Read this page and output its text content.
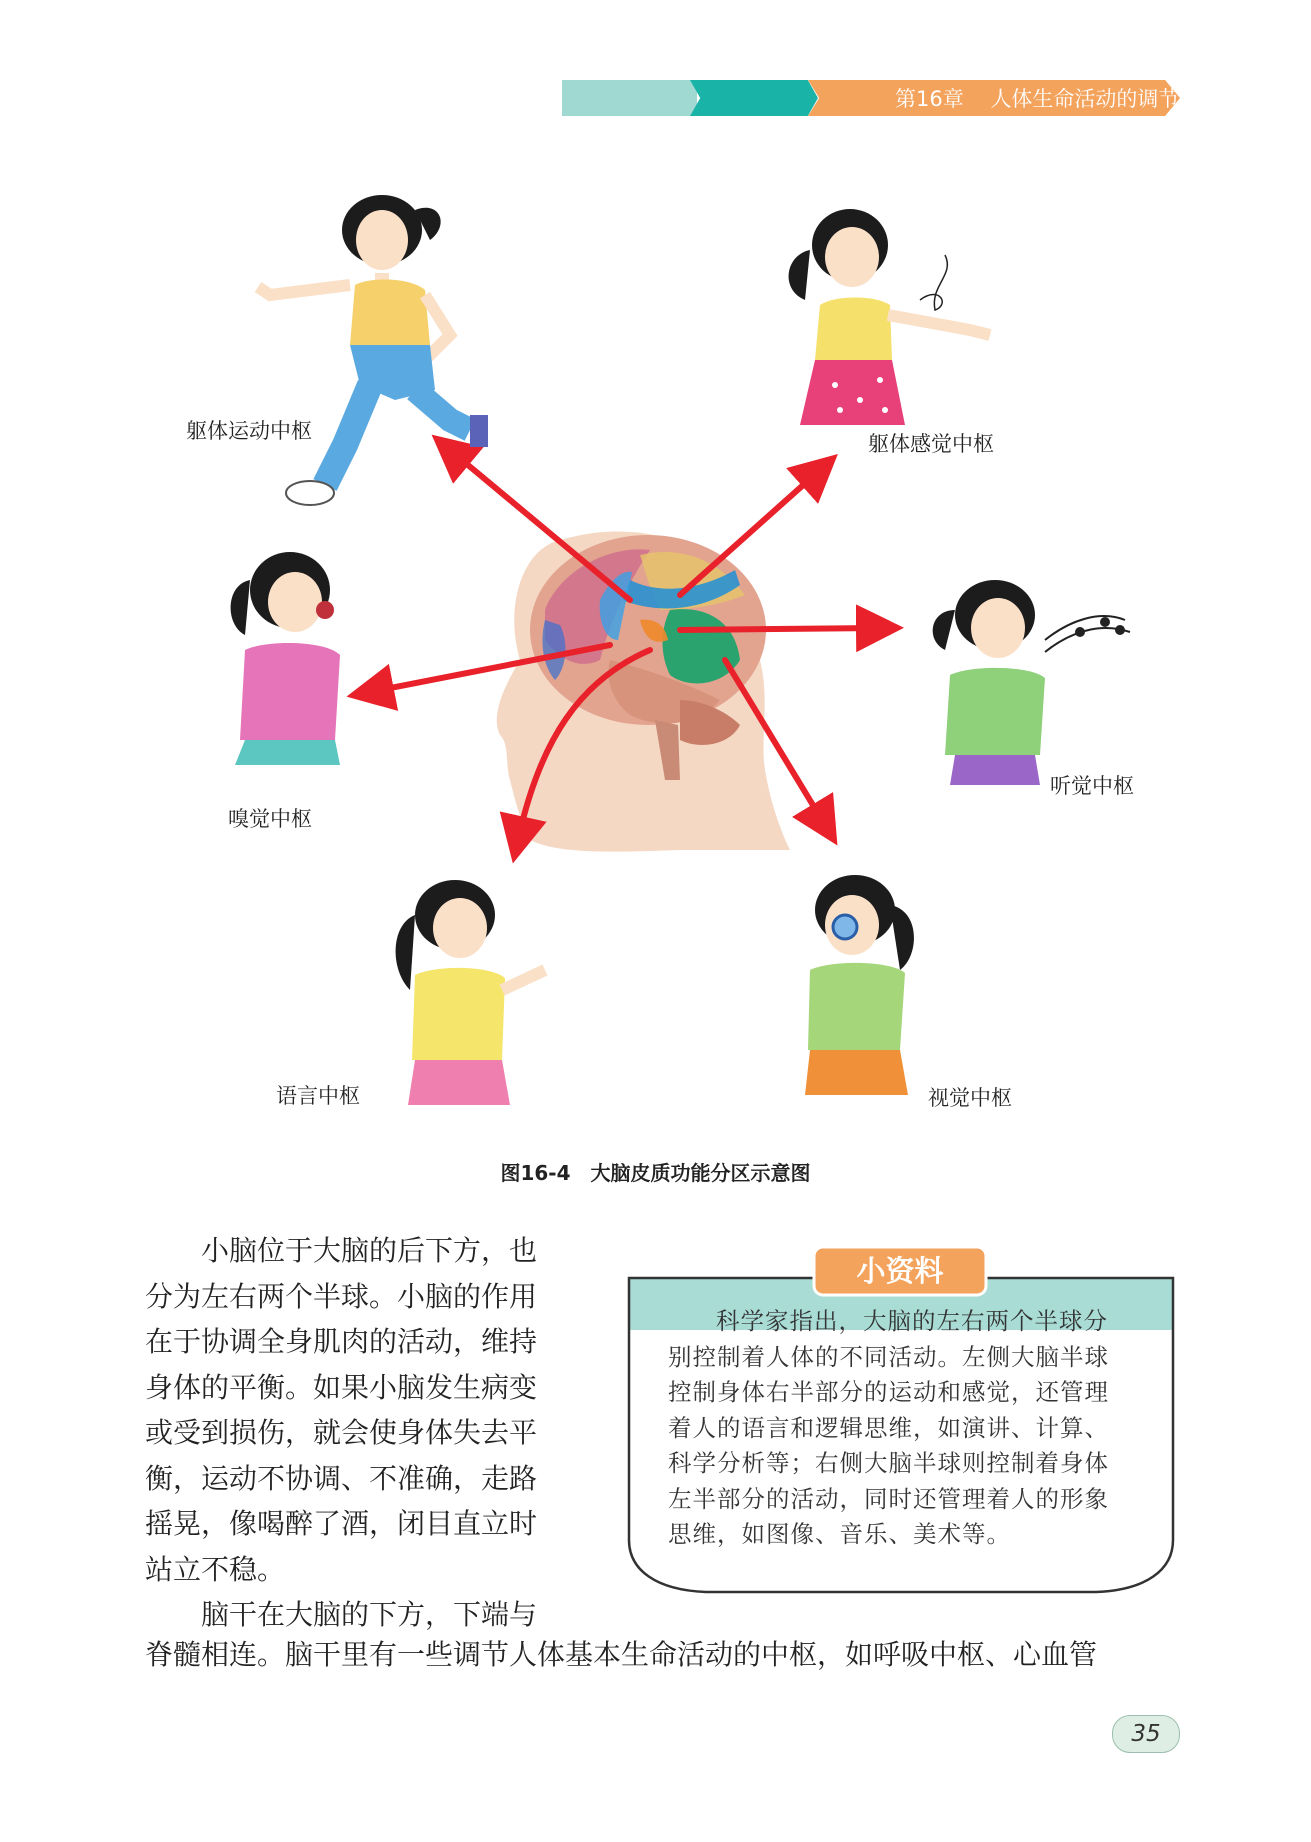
第16章 人体生命活动的调节
躯体运动中枢
躯体感觉中枢
嗅觉中枢
听觉中枢
语言中枢	视觉中枢
图16-4　大脑皮质功能分区示意图
小脑位于大脑的后下方，也
分为左右两个半球。小脑的作用
在于协调全身肌肉的活动，维持
身体的平衡。如果小脑发生病变
或受到损伤，就会使身体失去平
衡，运动不协调、不准确，走路
摇晃，像喝醉了酒，闭目直立时
站立不稳。
脑干在大脑的下方，下端与
脊髓相连。脑干里有一些调节人体基本生命活动的中枢，如呼吸中枢、心血管
小资料
科学家指出，大脑的左右两个半球分
别控制着人体的不同活动。左侧大脑半球
控制身体右半部分的运动和感觉，还管理
着人的语言和逻辑思维，如演讲、计算、
科学分析等；右侧大脑半球则控制着身体
左半部分的活动，同时还管理着人的形象
思维，如图像、音乐、美术等。
35
